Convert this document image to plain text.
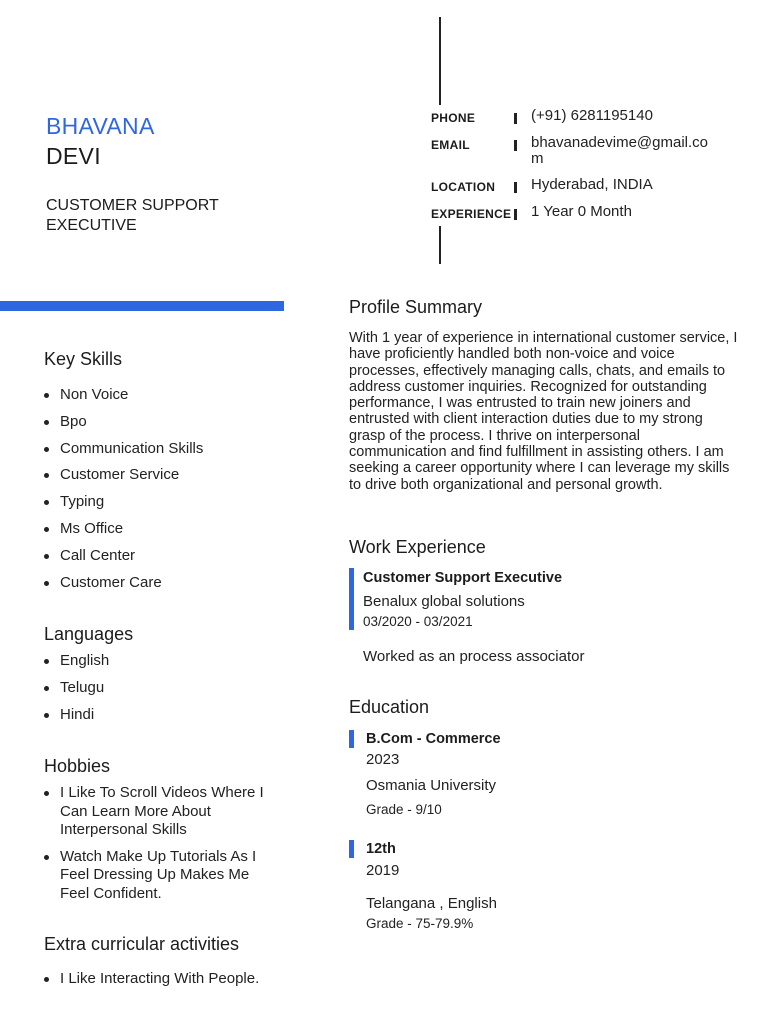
BHAVANA
DEVI
CUSTOMER SUPPORT EXECUTIVE
PHONE	(+91) 6281195140
EMAIL	bhavanadevime@gmail.com
LOCATION	Hyderabad, INDIA
EXPERIENCE 1 Year 0 Month
Key Skills
Non Voice
Bpo
Communication Skills
Customer Service
Typing
Ms Office
Call Center
Customer Care
Languages
English
Telugu
Hindi
Hobbies
I Like To Scroll Videos Where I Can Learn More About Interpersonal Skills
Watch Make Up Tutorials As I Feel Dressing Up Makes Me Feel Confident.
Extra curricular activities
I Like Interacting With People.
Profile Summary
With 1 year of experience in international customer service, I have proficiently handled both non-voice and voice processes, effectively managing calls, chats, and emails to address customer inquiries. Recognized for outstanding performance, I was entrusted to train new joiners and entrusted with client interaction duties due to my strong grasp of the process. I thrive on interpersonal communication and find fulfillment in assisting others. I am seeking a career opportunity where I can leverage my skills to drive both organizational and personal growth.
Work Experience
Customer Support Executive
Benalux global solutions
03/2020 - 03/2021
Worked as an process associator
Education
B.Com - Commerce
2023
Osmania University
Grade - 9/10
12th
2019
Telangana , English
Grade - 75-79.9%
